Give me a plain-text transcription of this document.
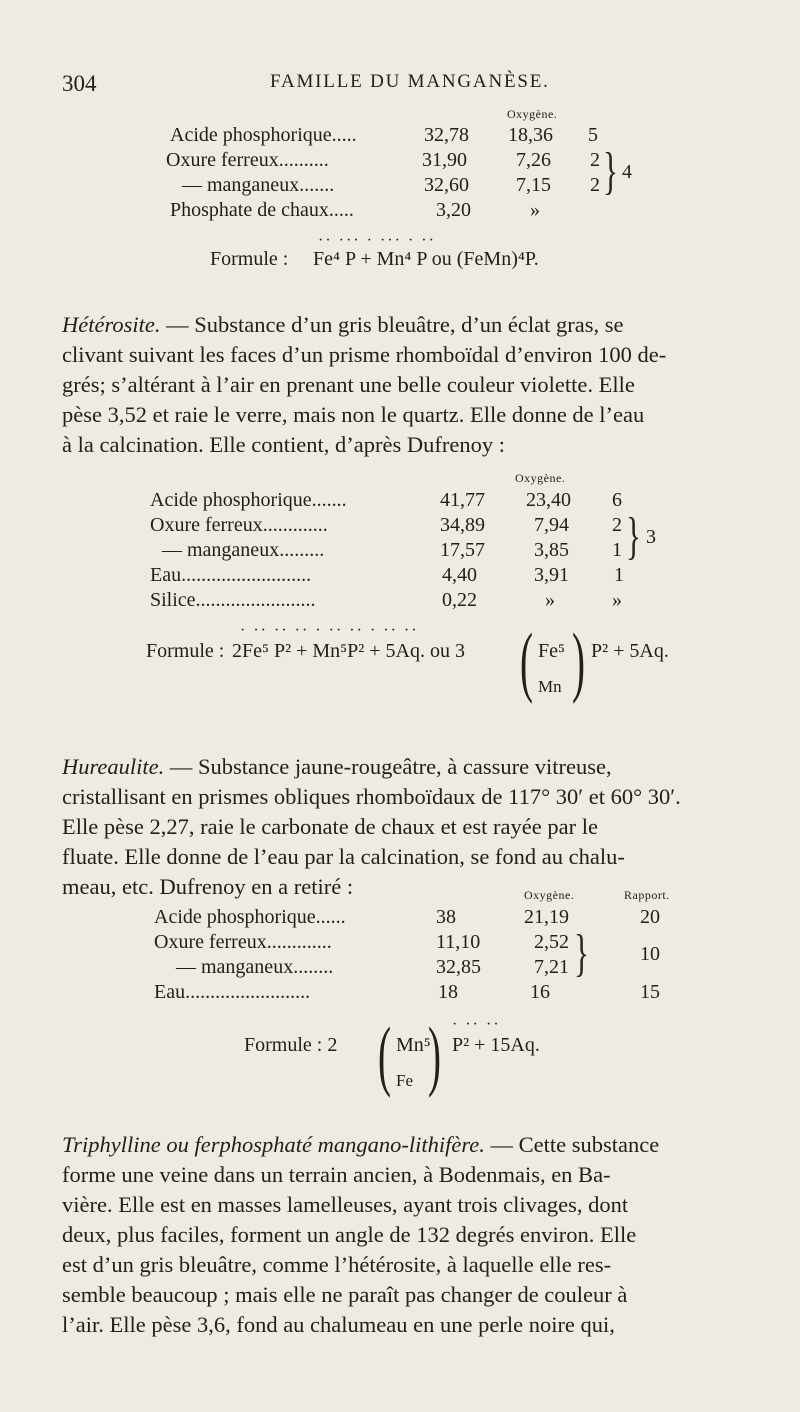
304	FAMILLE DU MANGANÈSE.
Oxygène.
Acide phosphorique.....	32,78 18,36 5
Oxure ferreux..........	31,90 7,26 2
— manganeux.......	32,60 7,15 2 } 4
Phosphate de chaux.....	3,20	»
·· ··· · ··· · ··
Formule : Fe⁴ P + Mn⁴ P ou (FeMn)⁴P.
Hétérosite. — Substance d’un gris bleuâtre, d’un éclat gras, se
clivant suivant les faces d’un prisme rhomboïdal d’environ 100 de-
grés; s’altérant à l’air en prenant une belle couleur violette. Elle
pèse 3,52 et raie le verre, mais non le quartz. Elle donne de l’eau
à la calcination. Elle contient, d’après Dufrenoy :
Oxygène.
Acide phosphorique.......	41,77 23,40 6
Oxure ferreux.............	34,89 7,94 2
— manganeux.........	17,57 3,85 1 } 3
Eau..........................	4,40	3,91 1
Silice........................	0,22	»	»
· ·· ·· ·· · ·· ·· · ·· ··
Formule : 2Fe⁵ P² + Mn⁵P² + 5Aq. ou 3 ( Fe⁵
Mn ) P² + 5Aq.
Hureaulite. — Substance jaune-rougeâtre, à cassure vitreuse,
cristallisant en prismes obliques rhomboïdaux de 117° 30′ et 60° 30′.
Elle pèse 2,27, raie le carbonate de chaux et est rayée par le
fluate. Elle donne de l’eau par la calcination, se fond au chalu-
meau, etc. Dufrenoy en a retiré :	Oxygène.	Rapport.
Acide phosphorique......	38	21,19	20
Oxure ferreux.............	11,10	2,52
— manganeux........	32,85	7,21 }	10
Eau.........................	18	16	15
· ·· ··
Formule : 2 ( Mn⁵
Fe ) P² + 15Aq.
Triphylline ou ferphosphaté mangano-lithifère. — Cette substance
forme une veine dans un terrain ancien, à Bodenmais, en Ba-
vière. Elle est en masses lamelleuses, ayant trois clivages, dont
deux, plus faciles, forment un angle de 132 degrés environ. Elle
est d’un gris bleuâtre, comme l’hétérosite, à laquelle elle res-
semble beaucoup ; mais elle ne paraît pas changer de couleur à
l’air. Elle pèse 3,6, fond au chalumeau en une perle noire qui,
